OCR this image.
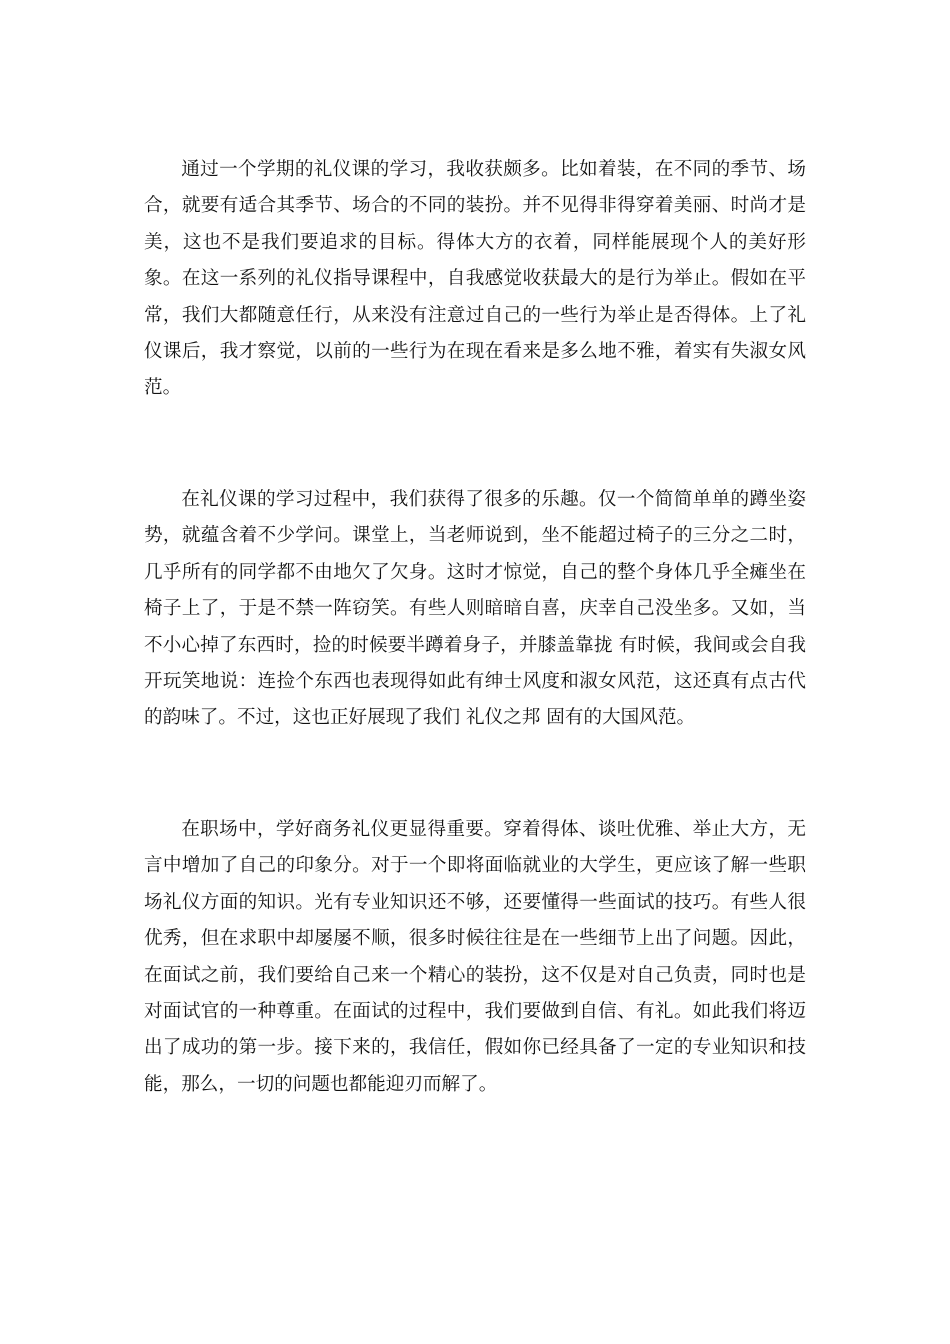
通过一个学期的礼仪课的学习，我收获颇多。比如着装，在不同的季节、场合，就要有适合其季节、场合的不同的装扮。并不见得非得穿着美丽、时尚才是美，这也不是我们要追求的目标。得体大方的衣着，同样能展现个人的美好形象。在这一系列的礼仪指导课程中，自我感觉收获最大的是行为举止。假如在平常，我们大都随意任行，从来没有注意过自己的一些行为举止是否得体。上了礼仪课后，我才察觉，以前的一些行为在现在看来是多么地不雅，着实有失淑女风范。

在礼仪课的学习过程中，我们获得了很多的乐趣。仅一个简简单单的蹲坐姿势，就蕴含着不少学问。课堂上，当老师说到，坐不能超过椅子的三分之二时，几乎所有的同学都不由地欠了欠身。这时才惊觉，自己的整个身体几乎全瘫坐在椅子上了，于是不禁一阵窃笑。有些人则暗暗自喜，庆幸自己没坐多。又如，当不小心掉了东西时，捡的时候要半蹲着身子，并膝盖靠拢 有时候，我间或会自我开玩笑地说：连捡个东西也表现得如此有绅士风度和淑女风范，这还真有点古代的韵味了。不过，这也正好展现了我们 礼仪之邦 固有的大国风范。

在职场中，学好商务礼仪更显得重要。穿着得体、谈吐优雅、举止大方，无言中增加了自己的印象分。对于一个即将面临就业的大学生，更应该了解一些职场礼仪方面的知识。光有专业知识还不够，还要懂得一些面试的技巧。有些人很优秀，但在求职中却屡屡不顺，很多时候往往是在一些细节上出了问题。因此，在面试之前，我们要给自己来一个精心的装扮，这不仅是对自己负责，同时也是对面试官的一种尊重。在面试的过程中，我们要做到自信、有礼。如此我们将迈出了成功的第一步。接下来的，我信任，假如你已经具备了一定的专业知识和技能，那么，一切的问题也都能迎刃而解了。
